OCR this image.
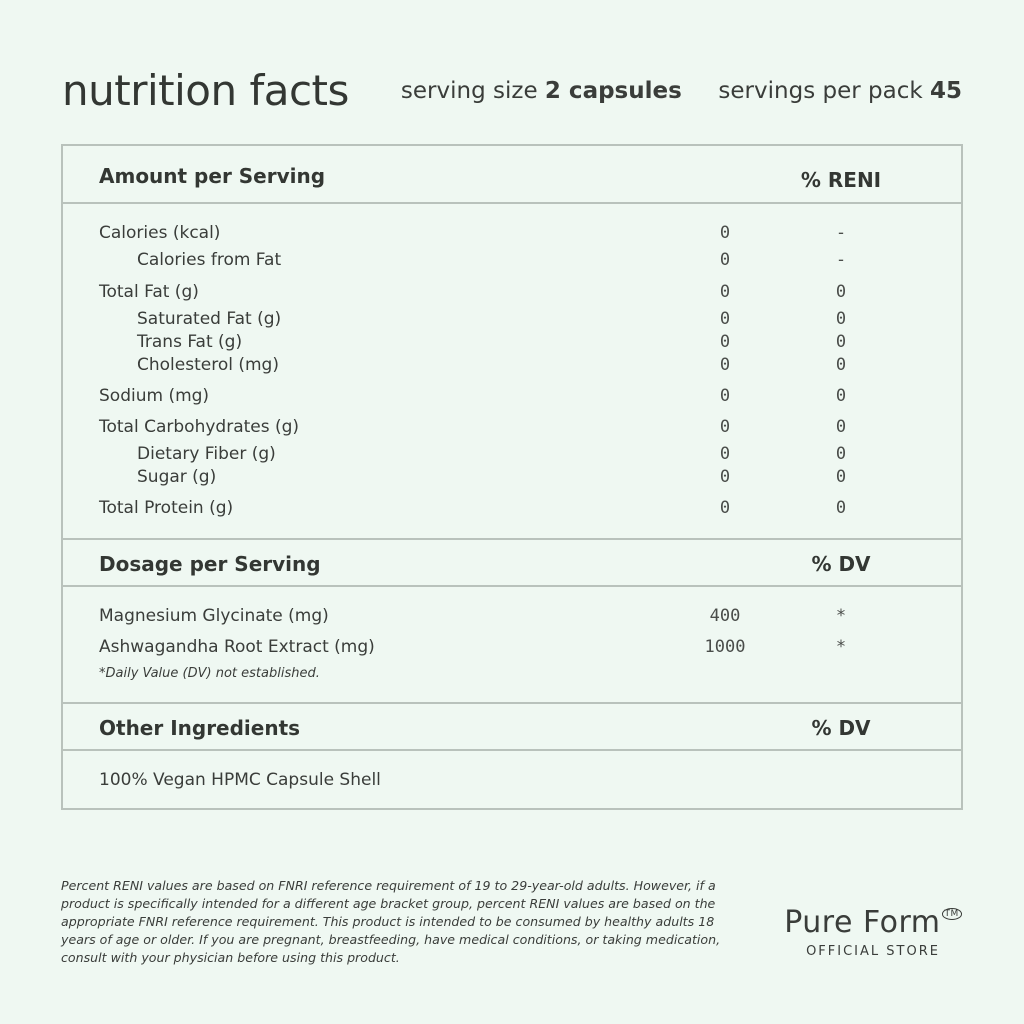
nutrition facts serving size 2 capsules servings per pack 45
Amount per Serving	% RENI
Calories (kcal)	0	-
Calories from Fat	0	-
Total Fat (g)	0	0
Saturated Fat (g)	0	0
Trans Fat (g)	0	0
Cholesterol (mg)	0	0
Sodium (mg)	0	0
Total Carbohydrates (g)	0	0
Dietary Fiber (g)	0	0
Sugar (g)	0	0
Total Protein (g)	0	0
Dosage per Serving	% DV
Magnesium Glycinate (mg)	400	*
Ashwagandha Root Extract (mg)	1000	*
*Daily Value (DV) not established.
Other Ingredients	% DV
100% Vegan HPMC Capsule Shell
Percent RENI values are based on FNRI reference requirement of 19 to 29-year-old adults. However, if a product is specifically intended for a different age bracket group, percent RENI values are based on the appropriate FNRI reference requirement. This product is intended to be consumed by healthy adults 18 years of age or older. If you are pregnant, breastfeeding, have medical conditions, or taking medication, consult with your physician before using this product.
Pure Form ™
OFFICIAL STORE
